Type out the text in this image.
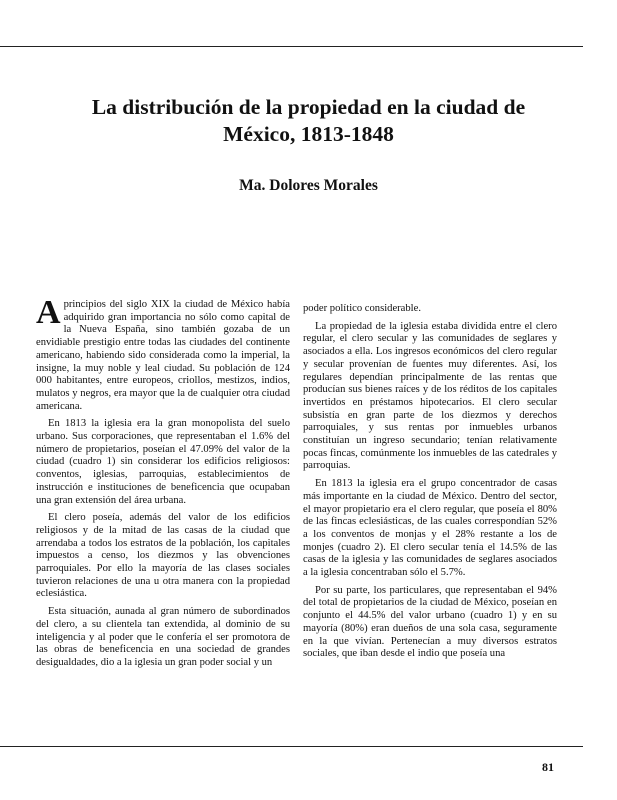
La distribución de la propiedad en la ciudad de
México, 1813-1848
Ma. Dolores Morales

Aprincipios del siglo XIX la ciudad de México había adquirido gran importancia no sólo como capital de la Nueva España, sino también gozaba de un envidiable prestigio entre todas las ciudades del continente americano, habiendo sido considerada como la imperial, la insigne, la muy noble y leal ciudad. Su población de 124 000 habitantes, entre europeos, criollos, mestizos, indios, mulatos y negros, era mayor que la de cualquier otra ciudad americana.

En 1813 la iglesia era la gran monopolista del suelo urbano. Sus corporaciones, que representaban el 1.6% del número de propietarios, poseían el 47.09% del valor de la ciudad (cuadro 1) sin considerar los edificios religiosos: conventos, iglesias, parroquias, establecimientos de instrucción e instituciones de beneficencia que ocupaban una gran extensión del área urbana.

El clero poseía, además del valor de los edificios religiosos y de la mitad de las casas de la ciudad que arrendaba a todos los estratos de la población, los capitales impuestos a censo, los diezmos y las obvenciones parroquiales. Por ello la mayoría de las clases sociales tuvieron relaciones de una u otra manera con la propiedad eclesiástica.

Esta situación, aunada al gran número de subordinados del clero, a su clientela tan extendida, al dominio de su inteligencia y al poder que le confería el ser promotora de las obras de beneficencia en una sociedad de grandes desigualdades, dio a la iglesia un gran poder social y un

poder político considerable.

La propiedad de la iglesia estaba dividida entre el clero regular, el clero secular y las comunidades de seglares y asociados a ella. Los ingresos económicos del clero regular y secular provenían de fuentes muy diferentes. Así, los regulares dependían principalmente de las rentas que producían sus bienes raíces y de los réditos de los capitales invertidos en préstamos hipotecarios. El clero secular subsistía en gran parte de los diezmos y derechos parroquiales, y sus rentas por inmuebles urbanos constituían un ingreso secundario; tenían relativamente pocas fincas, comúnmente los inmuebles de las catedrales y parroquias.

En 1813 la iglesia era el grupo concentrador de casas más importante en la ciudad de México. Dentro del sector, el mayor propietario era el clero regular, que poseía el 80% de las fincas eclesiásticas, de las cuales correspondían 52% a los conventos de monjas y el 28% restante a los de monjes (cuadro 2). El clero secular tenía el 14.5% de las casas de la iglesia y las comunidades de seglares asociados a la iglesia concentraban sólo el 5.7%.

Por su parte, los particulares, que representaban el 94% del total de propietarios de la ciudad de México, poseían en conjunto el 44.5% del valor urbano (cuadro 1) y en su mayoría (80%) eran dueños de una sola casa, seguramente en la que vivían. Pertenecían a muy diversos estratos sociales, que iban desde el indio que poseía una

81
